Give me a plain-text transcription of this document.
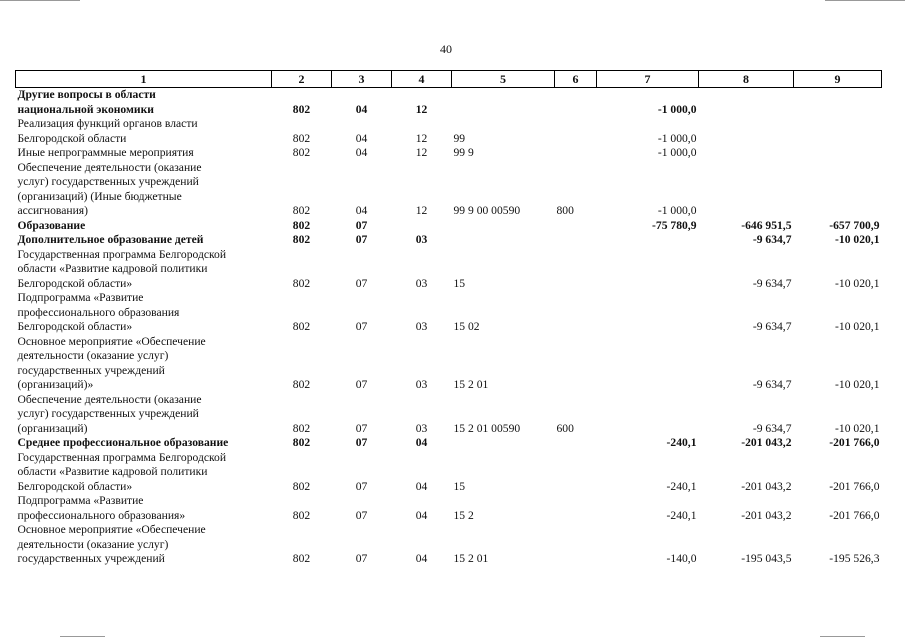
40
1	2	3	4	5	6	7	8	9

Другие вопросы в области
национальной экономики	802	04	12			-1 000,0		

Реализация функций органов власти
Белгородской области	802	04	12	99		-1 000,0		

Иные непрограммные мероприятия	802	04	12	99 9		-1 000,0		

Обеспечение деятельности (оказание
услуг) государственных учреждений
(организаций) (Иные бюджетные
ассигнования)	802	04	12	99 9 00 00590	800	-1 000,0		

Образование	802	07				-75 780,9	-646 951,5	-657 700,9

Дополнительное образование детей	802	07	03				-9 634,7	-10 020,1

Государственная программа Белгородской
области «Развитие кадровой политики
Белгородской области»	802	07	03	15			-9 634,7	-10 020,1

Подпрограмма «Развитие
профессионального образования
Белгородской области»	802	07	03	15 02			-9 634,7	-10 020,1

Основное мероприятие «Обеспечение
деятельности (оказание услуг)
государственных учреждений
(организаций)»	802	07	03	15 2 01			-9 634,7	-10 020,1

Обеспечение деятельности (оказание
услуг) государственных учреждений
(организаций)	802	07	03	15 2 01 00590	600		-9 634,7	-10 020,1

Среднее профессиональное образование	802	07	04			-240,1	-201 043,2	-201 766,0

Государственная программа Белгородской
области «Развитие кадровой политики
Белгородской области»	802	07	04	15		-240,1	-201 043,2	-201 766,0

Подпрограмма «Развитие
профессионального образования»	802	07	04	15 2		-240,1	-201 043,2	-201 766,0

Основное мероприятие «Обеспечение
деятельности (оказание услуг)
государственных учреждений	802	07	04	15 2 01		-140,0	-195 043,5	-195 526,3
